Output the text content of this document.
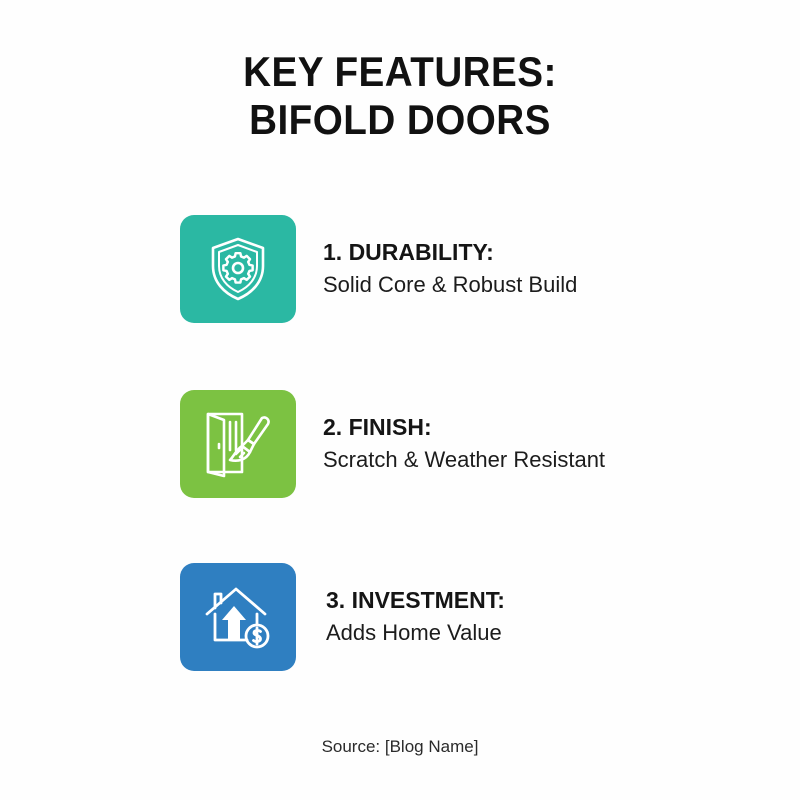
KEY FEATURES:
BIFOLD DOORS
1. DURABILITY:
Solid Core & Robust Build
2. FINISH:
Scratch & Weather Resistant
3. INVESTMENT:
Adds Home Value
Source: [Blog Name]
